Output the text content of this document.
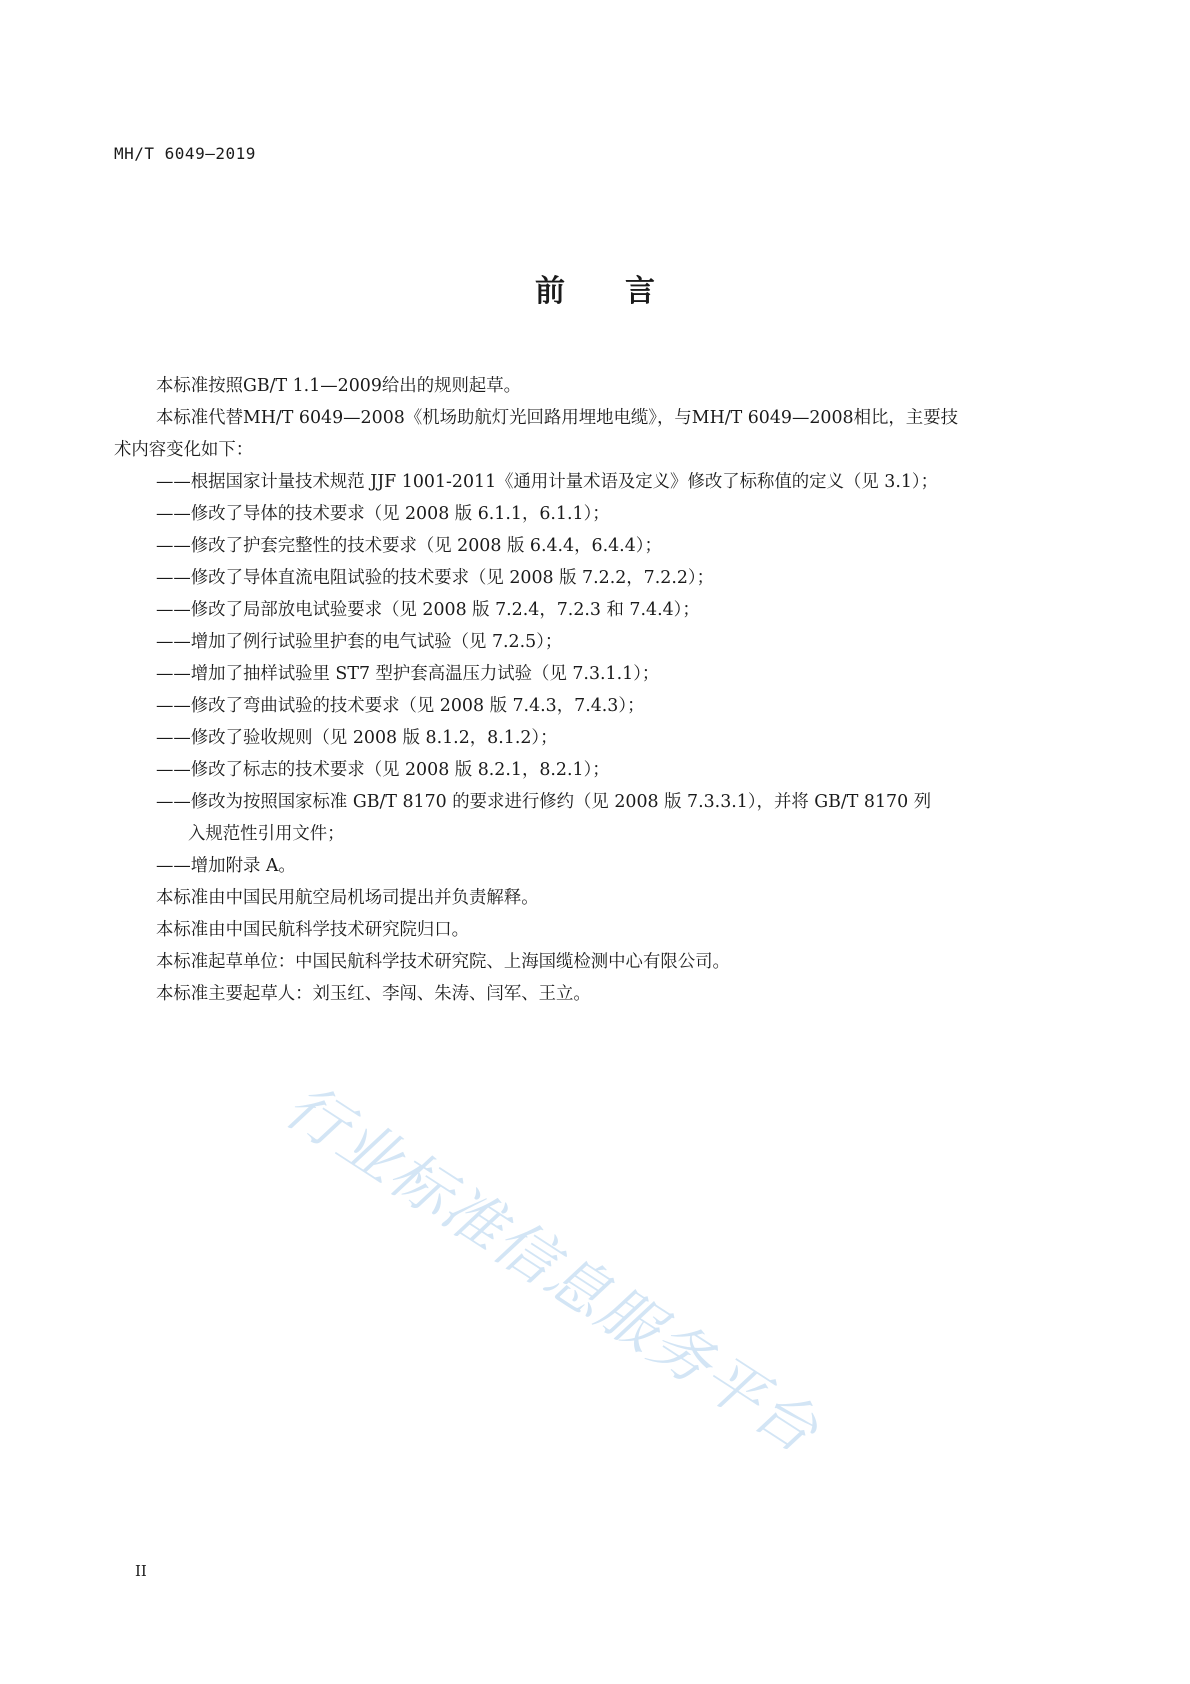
MH/T 6049—2019
前　　言

本标准按照GB/T 1.1—2009给出的规则起草。

本标准代替MH/T 6049—2008《机场助航灯光回路用埋地电缆》，与MH/T 6049—2008相比，主要技

术内容变化如下：

——根据国家计量技术规范 JJF 1001-2011《通用计量术语及定义》修改了标称值的定义（见 3.1）；

——修改了导体的技术要求（见 2008 版 6.1.1，6.1.1）；

——修改了护套完整性的技术要求（见 2008 版 6.4.4，6.4.4）；

——修改了导体直流电阻试验的技术要求（见 2008 版 7.2.2，7.2.2）；

——修改了局部放电试验要求（见 2008 版 7.2.4，7.2.3 和 7.4.4）；

——增加了例行试验里护套的电气试验（见 7.2.5）；

——增加了抽样试验里 ST7 型护套高温压力试验（见 7.3.1.1）；

——修改了弯曲试验的技术要求（见 2008 版 7.4.3，7.4.3）；

——修改了验收规则（见 2008 版 8.1.2，8.1.2）；

——修改了标志的技术要求（见 2008 版 8.2.1，8.2.1）；

——修改为按照国家标准 GB/T 8170 的要求进行修约（见 2008 版 7.3.3.1），并将 GB/T 8170 列

入规范性引用文件；

——增加附录 A。

本标准由中国民用航空局机场司提出并负责解释。

本标准由中国民航科学技术研究院归口。

本标准起草单位：中国民航科学技术研究院、上海国缆检测中心有限公司。

本标准主要起草人：刘玉红、李闯、朱涛、闫军、王立。

行业标准信息服务平台
II
